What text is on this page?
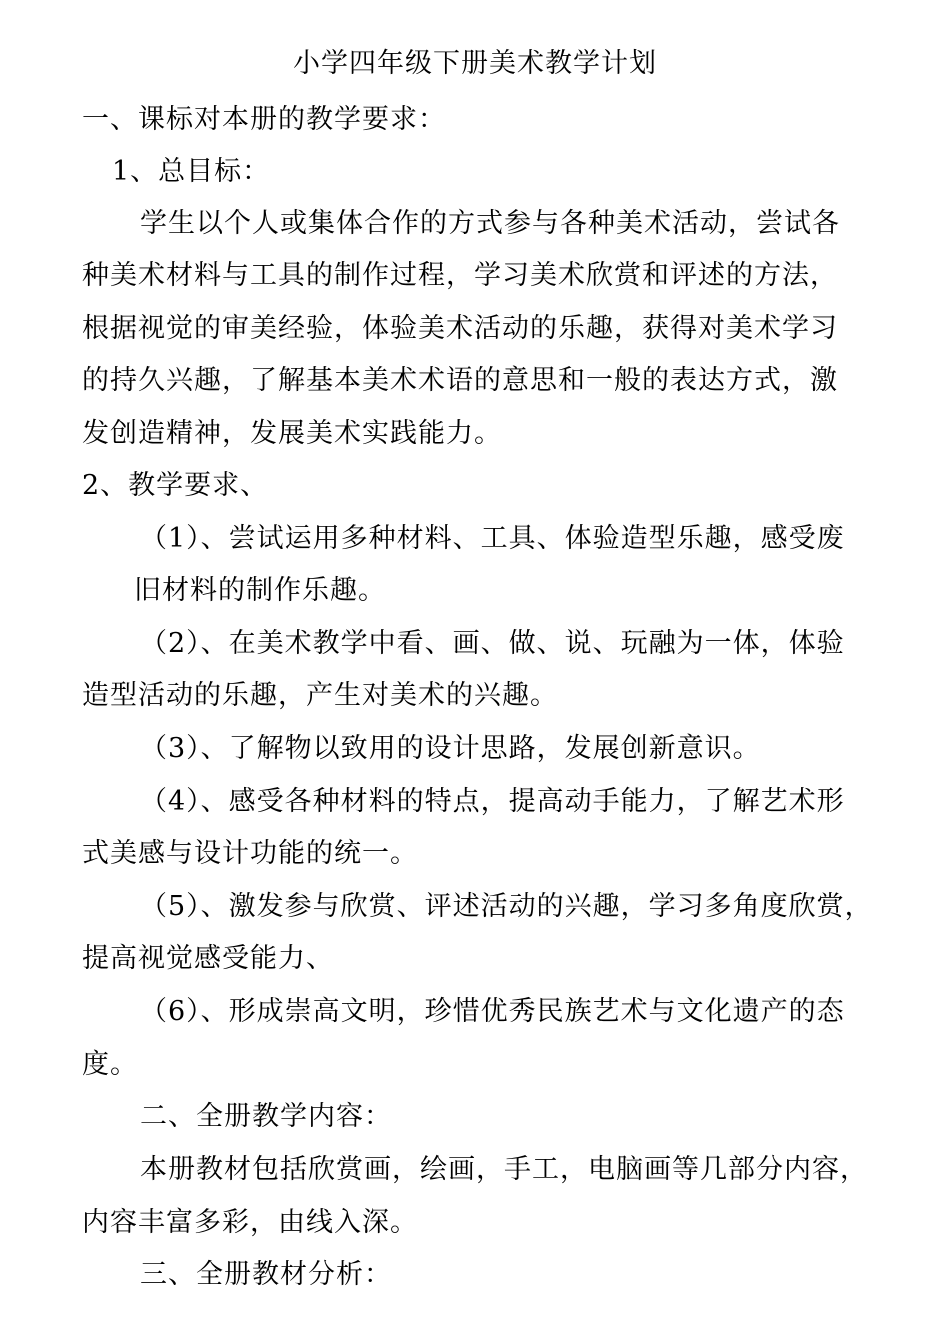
小学四年级下册美术教学计划
一、课标对本册的教学要求：
1、总目标：
学生以个人或集体合作的方式参与各种美术活动，尝试各
种美术材料与工具的制作过程，学习美术欣赏和评述的方法，
根据视觉的审美经验，体验美术活动的乐趣，获得对美术学习
的持久兴趣，了解基本美术术语的意思和一般的表达方式，激
发创造精神，发展美术实践能力。
2、教学要求、
（1）、尝试运用多种材料、工具、体验造型乐趣，感受废
旧材料的制作乐趣。
（2）、在美术教学中看、画、做、说、玩融为一体，体验
造型活动的乐趣，产生对美术的兴趣。
（3）、了解物以致用的设计思路，发展创新意识。
（4）、感受各种材料的特点，提高动手能力，了解艺术形
式美感与设计功能的统一。
（5）、激发参与欣赏、评述活动的兴趣，学习多角度欣赏，
提高视觉感受能力、
（6）、形成崇高文明，珍惜优秀民族艺术与文化遗产的态
度。
二、全册教学内容：
本册教材包括欣赏画，绘画，手工，电脑画等几部分内容，
内容丰富多彩，由线入深。
三、全册教材分析：
